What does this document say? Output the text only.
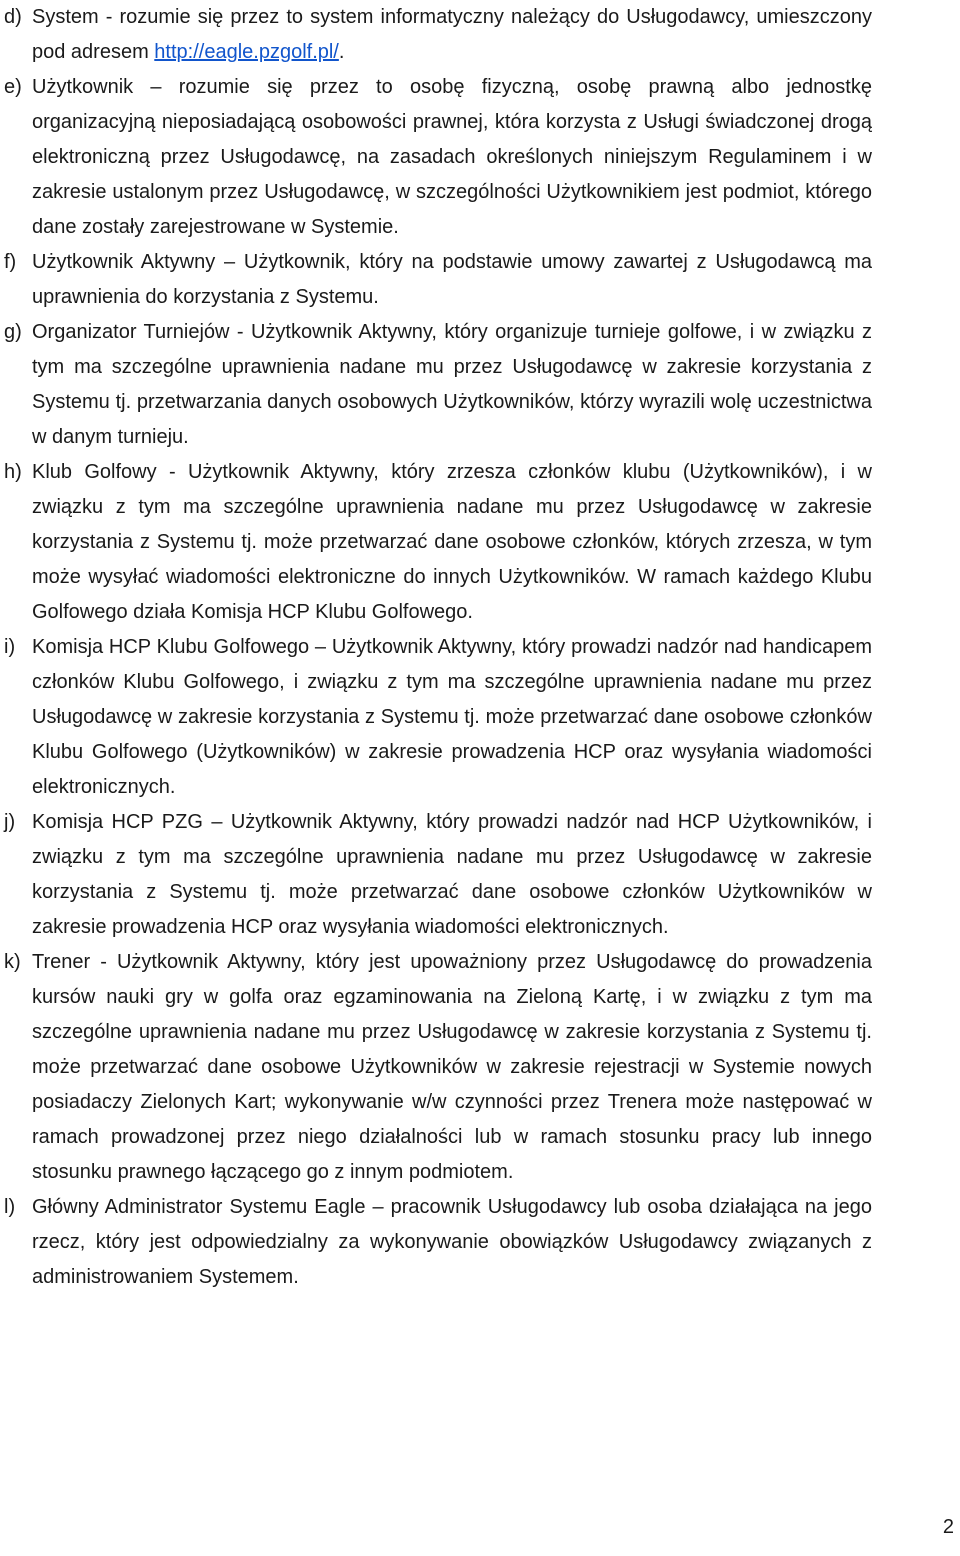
d) System - rozumie się przez to system informatyczny należący do Usługodawcy, umieszczony pod adresem http://eagle.pzgolf.pl/.

e) Użytkownik – rozumie się przez to osobę fizyczną, osobę prawną albo jednostkę organizacyjną nieposiadającą osobowości prawnej, która korzysta z Usługi świadczonej drogą elektroniczną przez Usługodawcę, na zasadach określonych niniejszym Regulaminem i w zakresie ustalonym przez Usługodawcę, w szczególności Użytkownikiem jest podmiot, którego dane zostały zarejestrowane w Systemie.

f) Użytkownik Aktywny – Użytkownik, który na podstawie umowy zawartej z Usługodawcą ma uprawnienia do korzystania z Systemu.

g) Organizator Turniejów - Użytkownik Aktywny, który organizuje turnieje golfowe, i w związku z tym ma szczególne uprawnienia nadane mu przez Usługodawcę w zakresie korzystania z Systemu tj. przetwarzania danych osobowych Użytkowników, którzy wyrazili wolę uczestnictwa w danym turnieju.

h) Klub Golfowy - Użytkownik Aktywny, który zrzesza członków klubu (Użytkowników), i w związku z tym ma szczególne uprawnienia nadane mu przez Usługodawcę w zakresie korzystania z Systemu tj. może przetwarzać dane osobowe członków, których zrzesza, w tym może wysyłać wiadomości elektroniczne do innych Użytkowników. W ramach każdego Klubu Golfowego działa Komisja HCP Klubu Golfowego.

i) Komisja HCP Klubu Golfowego – Użytkownik Aktywny, który prowadzi nadzór nad handicapem członków Klubu Golfowego, i związku z tym ma szczególne uprawnienia nadane mu przez Usługodawcę w zakresie korzystania z Systemu tj. może przetwarzać dane osobowe członków Klubu Golfowego (Użytkowników) w zakresie prowadzenia HCP oraz wysyłania wiadomości elektronicznych.

j) Komisja HCP PZG – Użytkownik Aktywny, który prowadzi nadzór nad HCP Użytkowników, i związku z tym ma szczególne uprawnienia nadane mu przez Usługodawcę w zakresie korzystania z Systemu tj. może przetwarzać dane osobowe członków Użytkowników w zakresie prowadzenia HCP oraz wysyłania wiadomości elektronicznych.

k) Trener - Użytkownik Aktywny, który jest upoważniony przez Usługodawcę do prowadzenia kursów nauki gry w golfa oraz egzaminowania na Zieloną Kartę, i w związku z tym ma szczególne uprawnienia nadane mu przez Usługodawcę w zakresie korzystania z Systemu tj. może przetwarzać dane osobowe Użytkowników w zakresie rejestracji w Systemie nowych posiadaczy Zielonych Kart; wykonywanie w/w czynności przez Trenera może następować w ramach prowadzonej przez niego działalności lub w ramach stosunku pracy lub innego stosunku prawnego łączącego go z innym podmiotem.

l) Główny Administrator Systemu Eagle – pracownik Usługodawcy lub osoba działająca na jego rzecz, który jest odpowiedzialny za wykonywanie obowiązków Usługodawcy związanych z administrowaniem Systemem.

2
